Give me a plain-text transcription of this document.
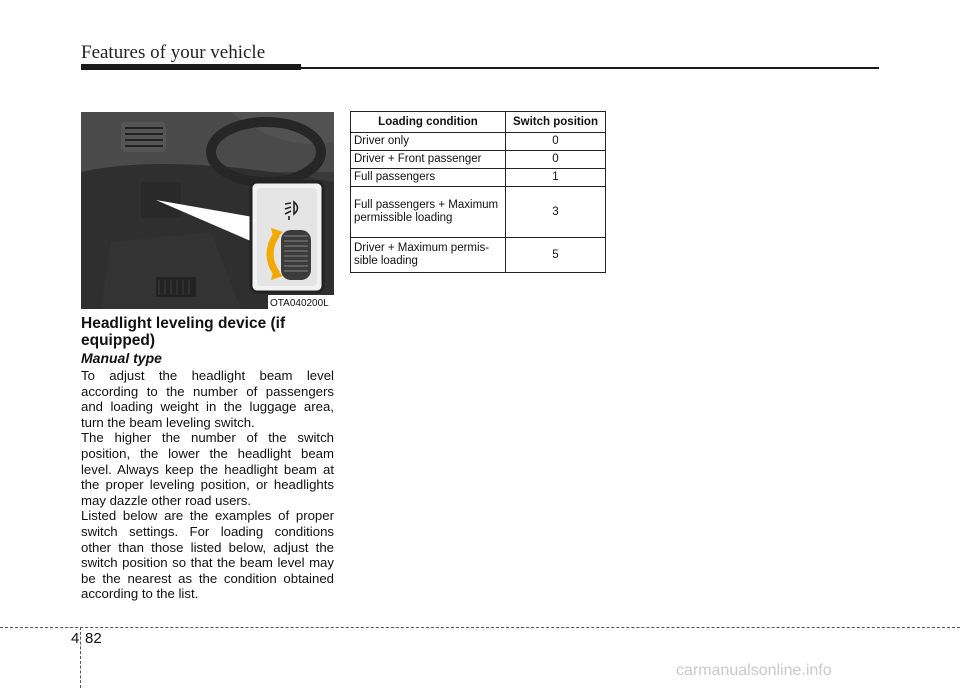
Features of your vehicle
OTA040200L
Headlight leveling device (if equipped)
Manual type

To adjust the headlight beam level according to the number of passengers and loading weight in the luggage area, turn the beam leveling switch.

The higher the number of the switch position, the lower the headlight beam level. Always keep the headlight beam at the proper leveling position, or headlights may dazzle other road users.

Listed below are the examples of proper switch settings. For loading conditions other than those listed below, adjust the switch position so that the beam level may be the nearest as the condition obtained according to the list.

Loading condition	Switch position
Driver only	0
Driver + Front passenger	0
Full passengers	1
Full passengers + Maximum permissible loading	3
Driver + Maximum permis-sible loading	5
4 82
carmanualsonline.info
